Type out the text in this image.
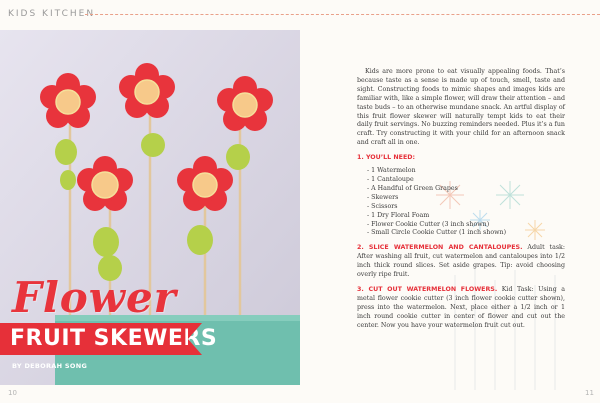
KIDS KITCHEN
Flower
FRUIT SKEWERS
BY DEBORAH SONG

Kids are more prone to eat visually appealing foods. That’s because taste as a sense is made up of touch, smell, taste and sight. Constructing foods to mimic shapes and images kids are familiar with, like a simple flower, will draw their attention – and taste buds – to an otherwise mundane snack. An artful display of this fruit flower skewer will naturally tempt kids to eat their daily fruit servings. No buzzing reminders needed. Plus it’s a fun craft. Try constructing it with your child for an afternoon snack and craft all in one.

1. YOU’LL NEED:
- 1 Watermelon
- 1 Cantaloupe
- A Handful of Green Grapes
- Skewers
- Scissors
- 1 Dry Floral Foam
- Flower Cookie Cutter (3 inch shown)
- Small Circle Cookie Cutter (1 inch shown)

2. SLICE WATERMELON AND CANTALOUPES. Adult task: After washing all fruit, cut watermelon and cantaloupes into 1/2 inch thick round slices. Set aside grapes. Tip: avoid choosing overly ripe fruit.

3. CUT OUT WATERMELON FLOWERS. Kid Task: Using a metal flower cookie cutter (3 inch flower cookie cutter shown), press into the watermelon. Next, place either a 1/2 inch or 1 inch round cookie cutter in center of flower and cut out the center. Now you have your watermelon fruit cut out.

10	11
